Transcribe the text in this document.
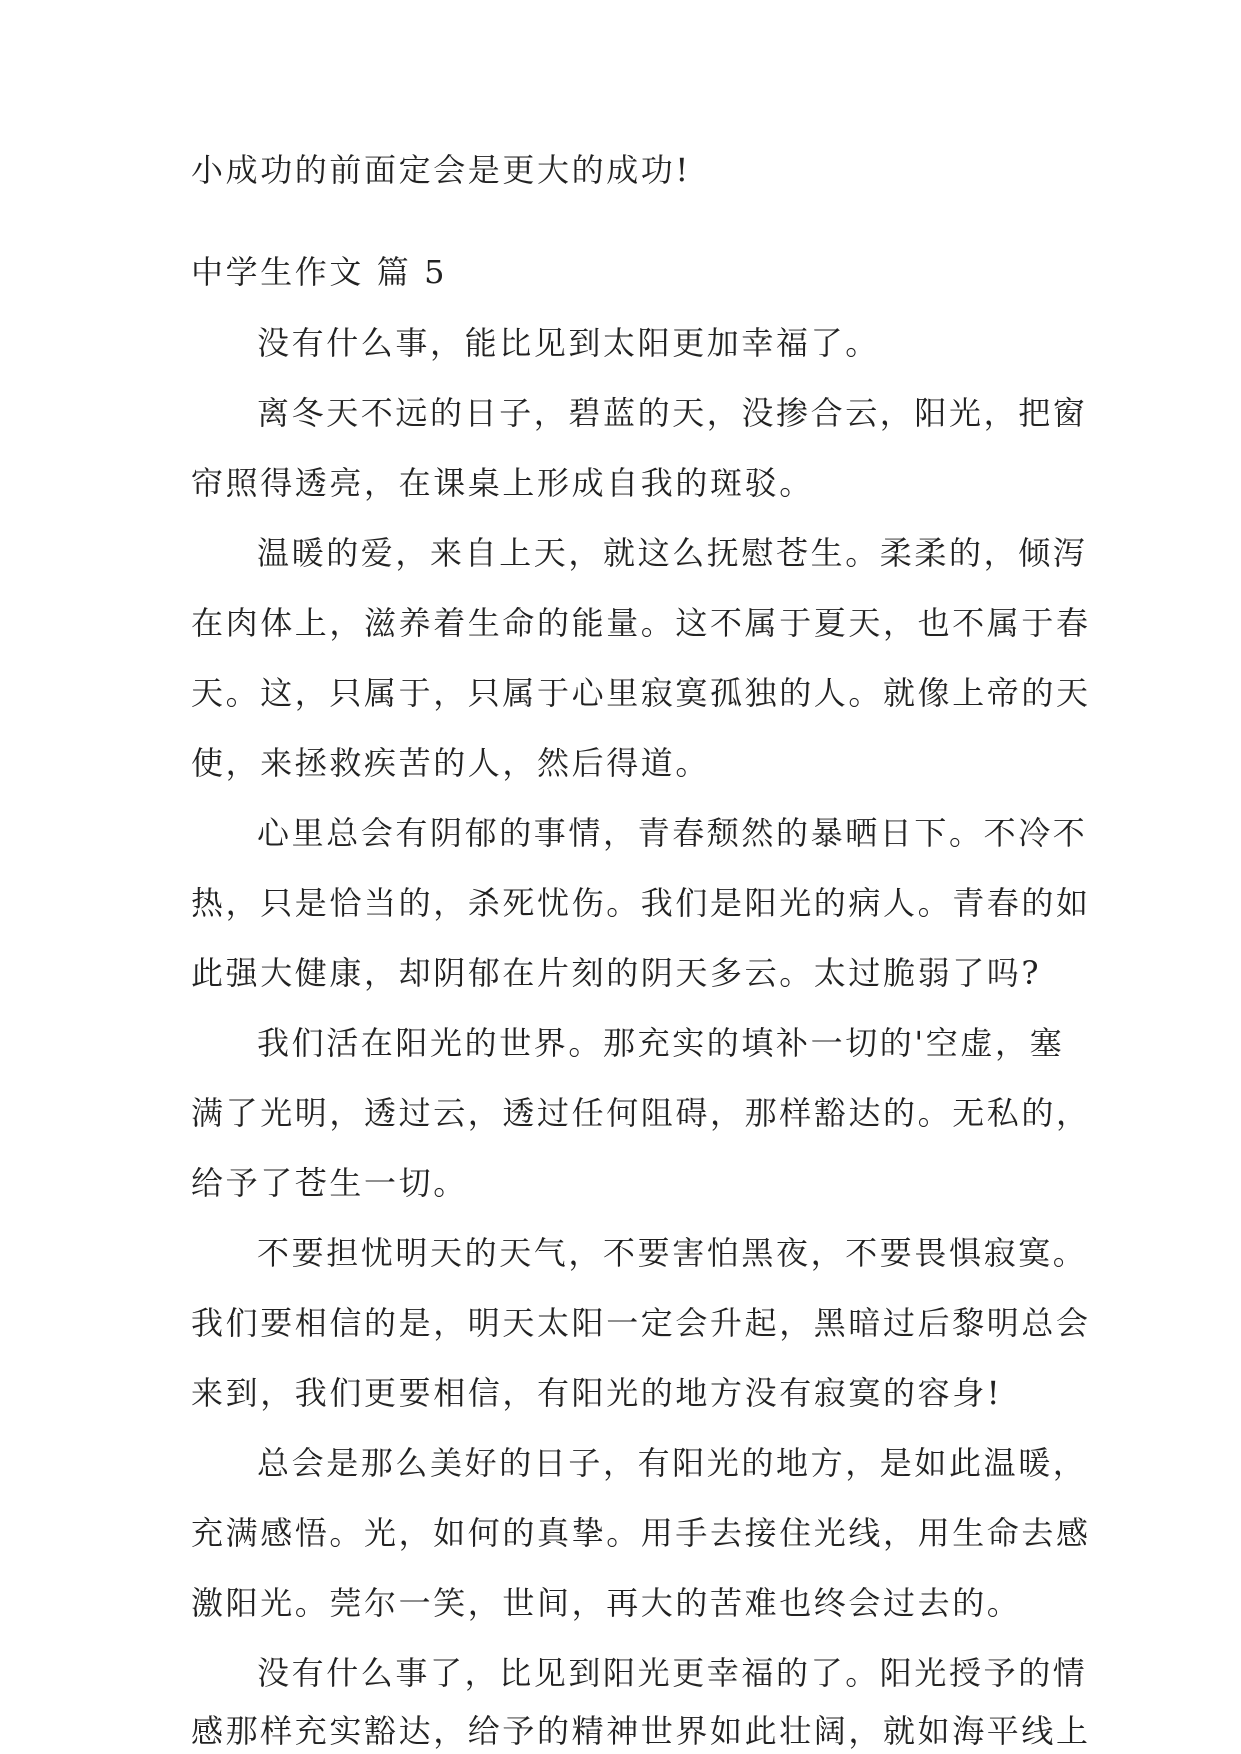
小成功的前面定会是更大的成功!
中学生作文 篇 5
没有什么事，能比见到太阳更加幸福了。
离冬天不远的日子，碧蓝的天，没掺合云，阳光，把窗
帘照得透亮，在课桌上形成自我的斑驳。
温暖的爱，来自上天，就这么抚慰苍生。柔柔的，倾泻
在肉体上，滋养着生命的能量。这不属于夏天，也不属于春
天。这，只属于，只属于心里寂寞孤独的人。就像上帝的天
使，来拯救疾苦的人，然后得道。
心里总会有阴郁的事情，青春颓然的暴晒日下。不冷不
热，只是恰当的，杀死忧伤。我们是阳光的病人。青春的如
此强大健康，却阴郁在片刻的阴天多云。太过脆弱了吗?
我们活在阳光的世界。那充实的填补一切的'空虚，塞
满了光明，透过云，透过任何阻碍，那样豁达的。无私的，
给予了苍生一切。
不要担忧明天的天气，不要害怕黑夜，不要畏惧寂寞。
我们要相信的是，明天太阳一定会升起，黑暗过后黎明总会
来到，我们更要相信，有阳光的地方没有寂寞的容身!
总会是那么美好的日子，有阳光的地方，是如此温暖，
充满感悟。光，如何的真挚。用手去接住光线，用生命去感
激阳光。莞尔一笑，世间，再大的苦难也终会过去的。
没有什么事了，比见到阳光更幸福的了。阳光授予的情
感那样充实豁达，给予的精神世界如此壮阔，就如海平线上
